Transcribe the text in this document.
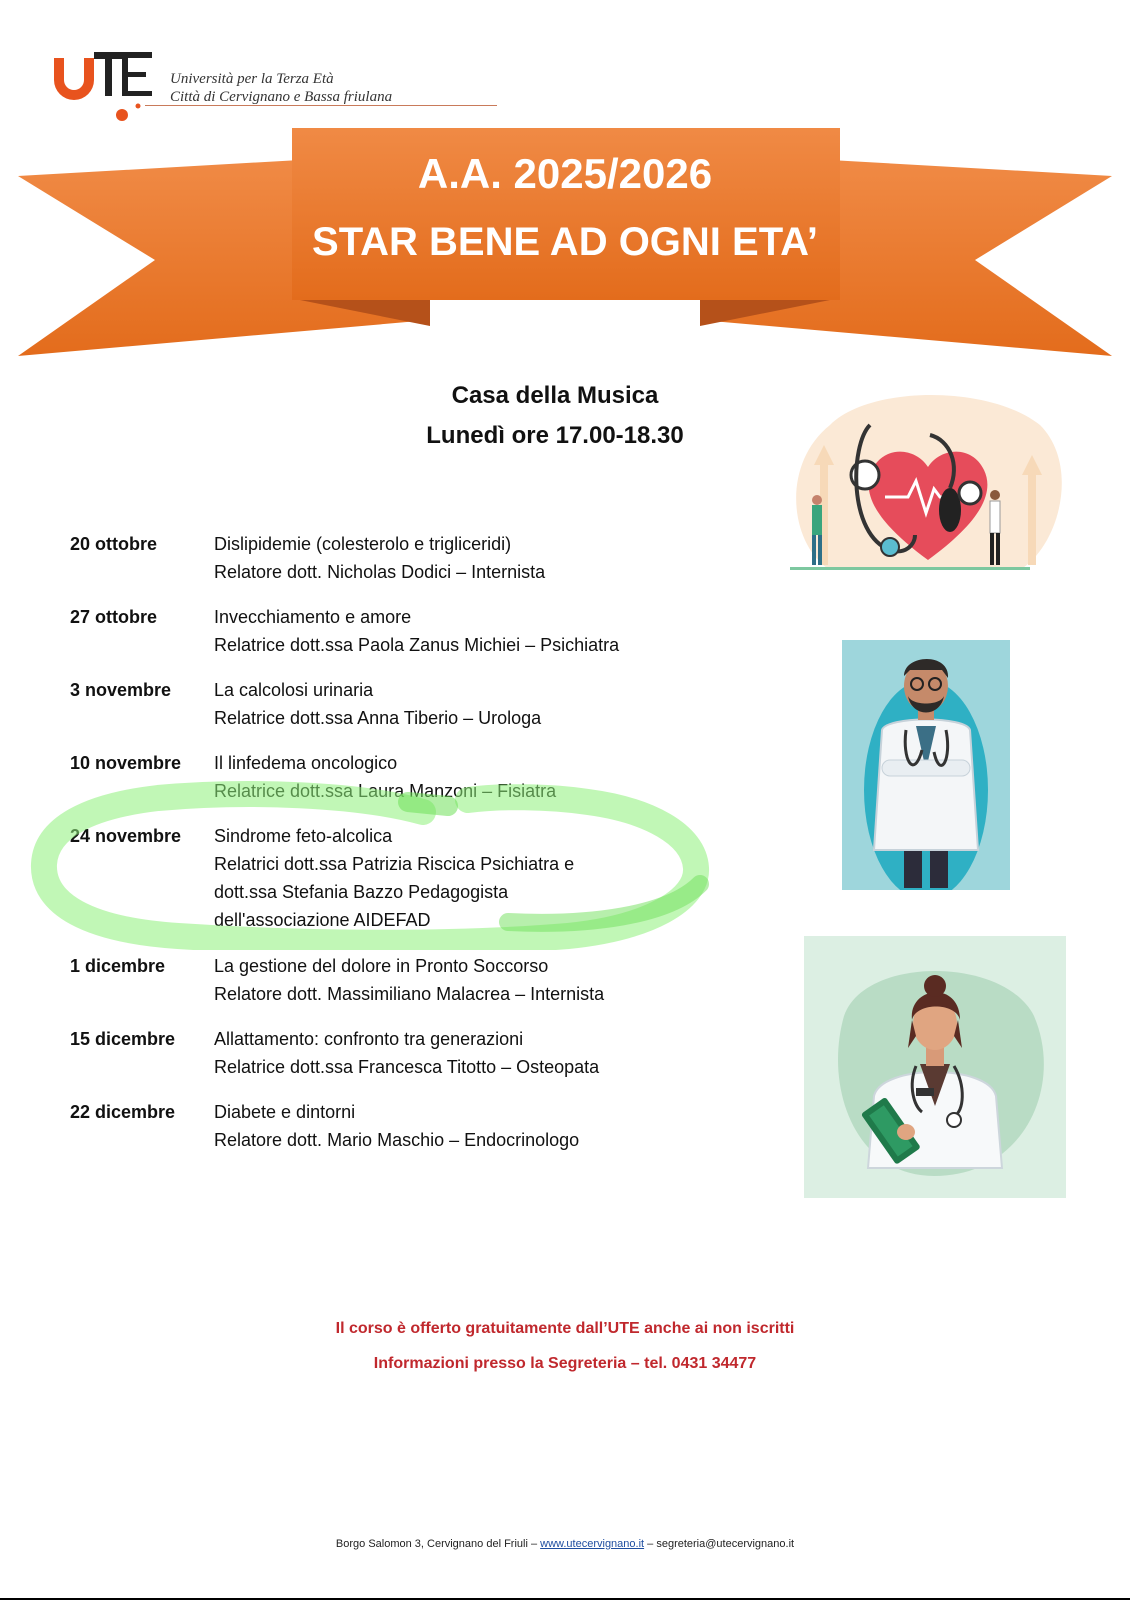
Università per la Terza Età
Città di Cervignano e Bassa friulana
A.A. 2025/2026
STAR BENE AD OGNI ETA’
Casa della Musica
Lunedì ore 17.00-18.30
20 ottobre	Dislipidemie (colesterolo e trigliceridi)
Relatore dott. Nicholas Dodici – Internista
27 ottobre	Invecchiamento e amore
Relatrice dott.ssa Paola Zanus Michiei – Psichiatra
3 novembre	La calcolosi urinaria
Relatrice dott.ssa Anna Tiberio – Urologa
10 novembre	Il linfedema oncologico
Relatrice dott.ssa Laura Manzoni – Fisiatra
24 novembre	Sindrome feto-alcolica
Relatrici dott.ssa Patrizia Riscica Psichiatra e
dott.ssa Stefania Bazzo Pedagogista
dell'associazione AIDEFAD
1 dicembre	La gestione del dolore in Pronto Soccorso
Relatore dott. Massimiliano Malacrea – Internista
15 dicembre	Allattamento: confronto tra generazioni
Relatrice dott.ssa Francesca Titotto – Osteopata
22 dicembre	Diabete e dintorni
Relatore dott. Mario Maschio – Endocrinologo
Il corso è offerto gratuitamente dall’UTE anche ai non iscritti
Informazioni presso la Segreteria – tel. 0431 34477
Borgo Salomon 3, Cervignano del Friuli – www.utecervignano.it – segreteria@utecervignano.it
